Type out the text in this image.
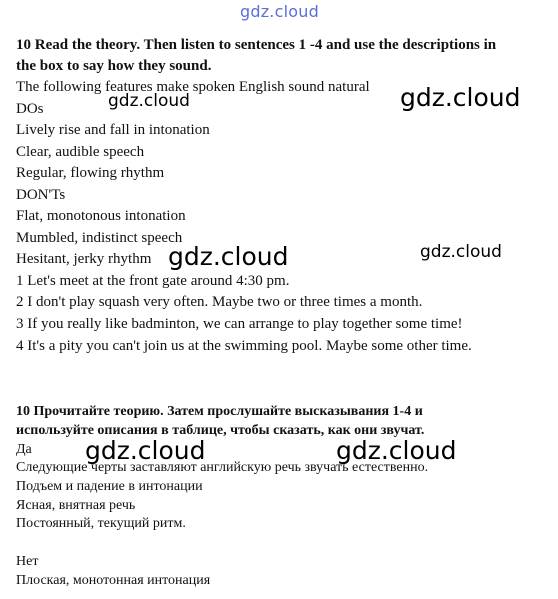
10 Read the theory. Then listen to sentences 1 -4 and use the descriptions in
the box to say how they sound.
The following features make spoken English sound natural
DOs
Lively rise and fall in intonation
Clear, audible speech
Regular, flowing rhythm
DON'Ts
Flat, monotonous intonation
Mumbled, indistinct speech
Hesitant, jerky rhythm
1 Let's meet at the front gate around 4:30 pm.
2 I don't play squash very often. Maybe two or three times a month.
3 If you really like badminton, we can arrange to play together some time!
4 It's a pity you can't join us at the swimming pool. Maybe some other time.
10 Прочитайте теорию. Затем прослушайте высказывания 1-4 и
используйте описания в таблице, чтобы сказать, как они звучат.
Да
Следующие черты заставляют английскую речь звучать естественно.
Подъем и падение в интонации
Ясная, внятная речь
Постоянный, текущий ритм.
Нет
Плоская, монотонная интонация
gdz.cloud
gdz.cloud	gdz.cloud
gdz.cloud	gdz.cloud
gdz.cloud	gdz.cloud
